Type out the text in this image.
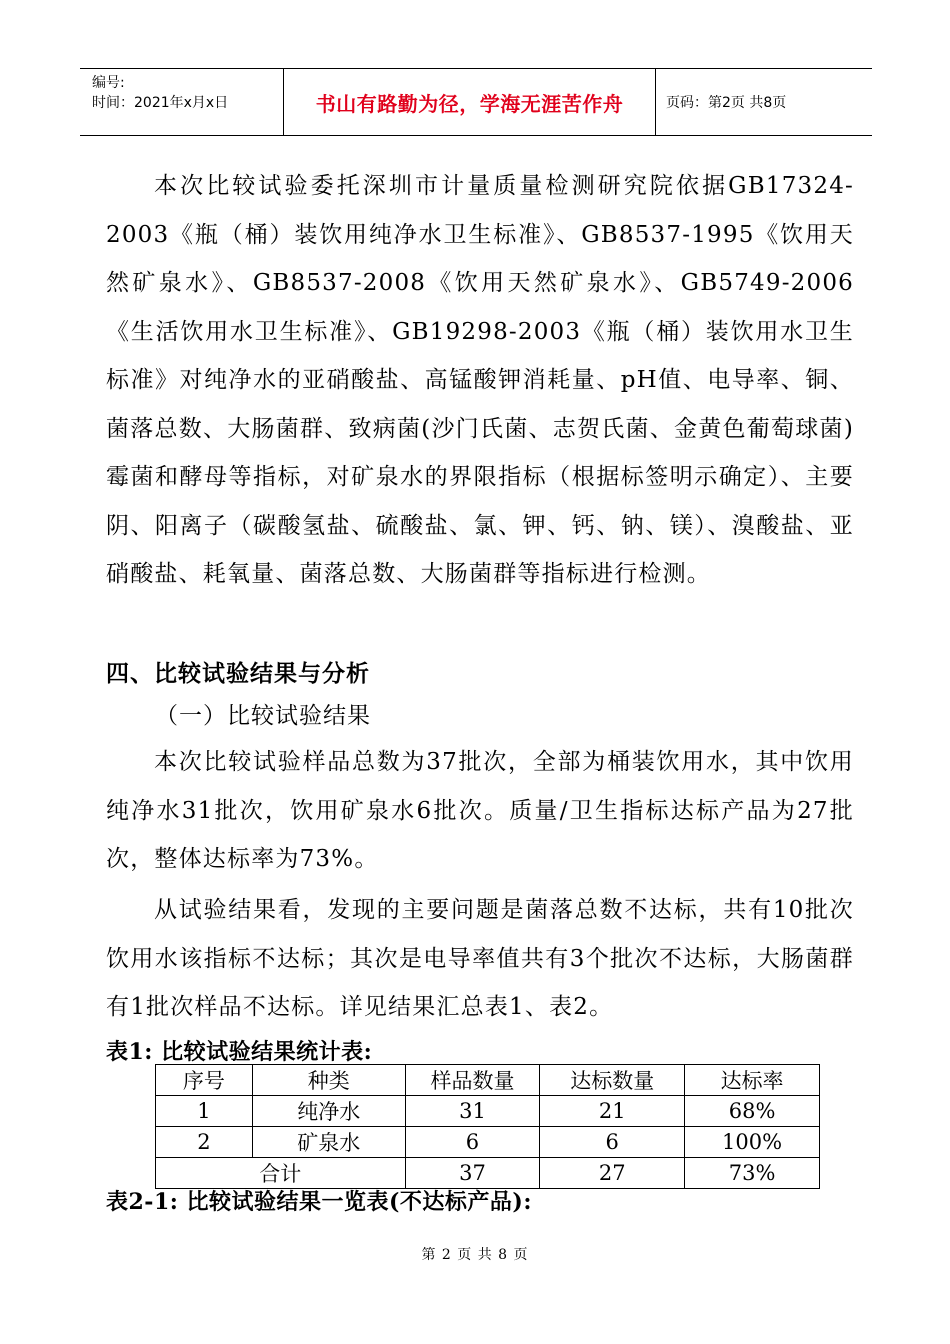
编号:
时间：2021年x月x日	书山有路勤为径，学海无涯苦作舟	页码：第2页 共8页

本次比较试验委托深圳市计量质量检测研究院依据GB17324-2003《瓶（桶）装饮用纯净水卫生标准》、GB8537-1995《饮用天然矿泉水》、GB8537-2008《饮用天然矿泉水》、GB5749-2006《生活饮用水卫生标准》、GB19298-2003《瓶（桶）装饮用水卫生标准》对纯净水的亚硝酸盐、高锰酸钾消耗量、pH值、电导率、铜、菌落总数、大肠菌群、致病菌(沙门氏菌、志贺氏菌、金黄色葡萄球菌)霉菌和酵母等指标，对矿泉水的界限指标（根据标签明示确定）、主要阴、阳离子（碳酸氢盐、硫酸盐、氯、钾、钙、钠、镁）、溴酸盐、亚硝酸盐、耗氧量、菌落总数、大肠菌群等指标进行检测。

四、比较试验结果与分析

（一）比较试验结果

本次比较试验样品总数为37批次，全部为桶装饮用水，其中饮用纯净水31批次，饮用矿泉水6批次。质量/卫生指标达标产品为27批次，整体达标率为73%。

从试验结果看，发现的主要问题是菌落总数不达标，共有10批次饮用水该指标不达标；其次是电导率值共有3个批次不达标，大肠菌群有1批次样品不达标。详见结果汇总表1、表2。

表1: 比较试验结果统计表:

序号	种类	样品数量	达标数量	达标率
1	纯净水	31	21	68%
2	矿泉水	6	6	100%
合计		37	27	73%

表2-1: 比较试验结果一览表(不达标产品):

第 2 页 共 8 页
